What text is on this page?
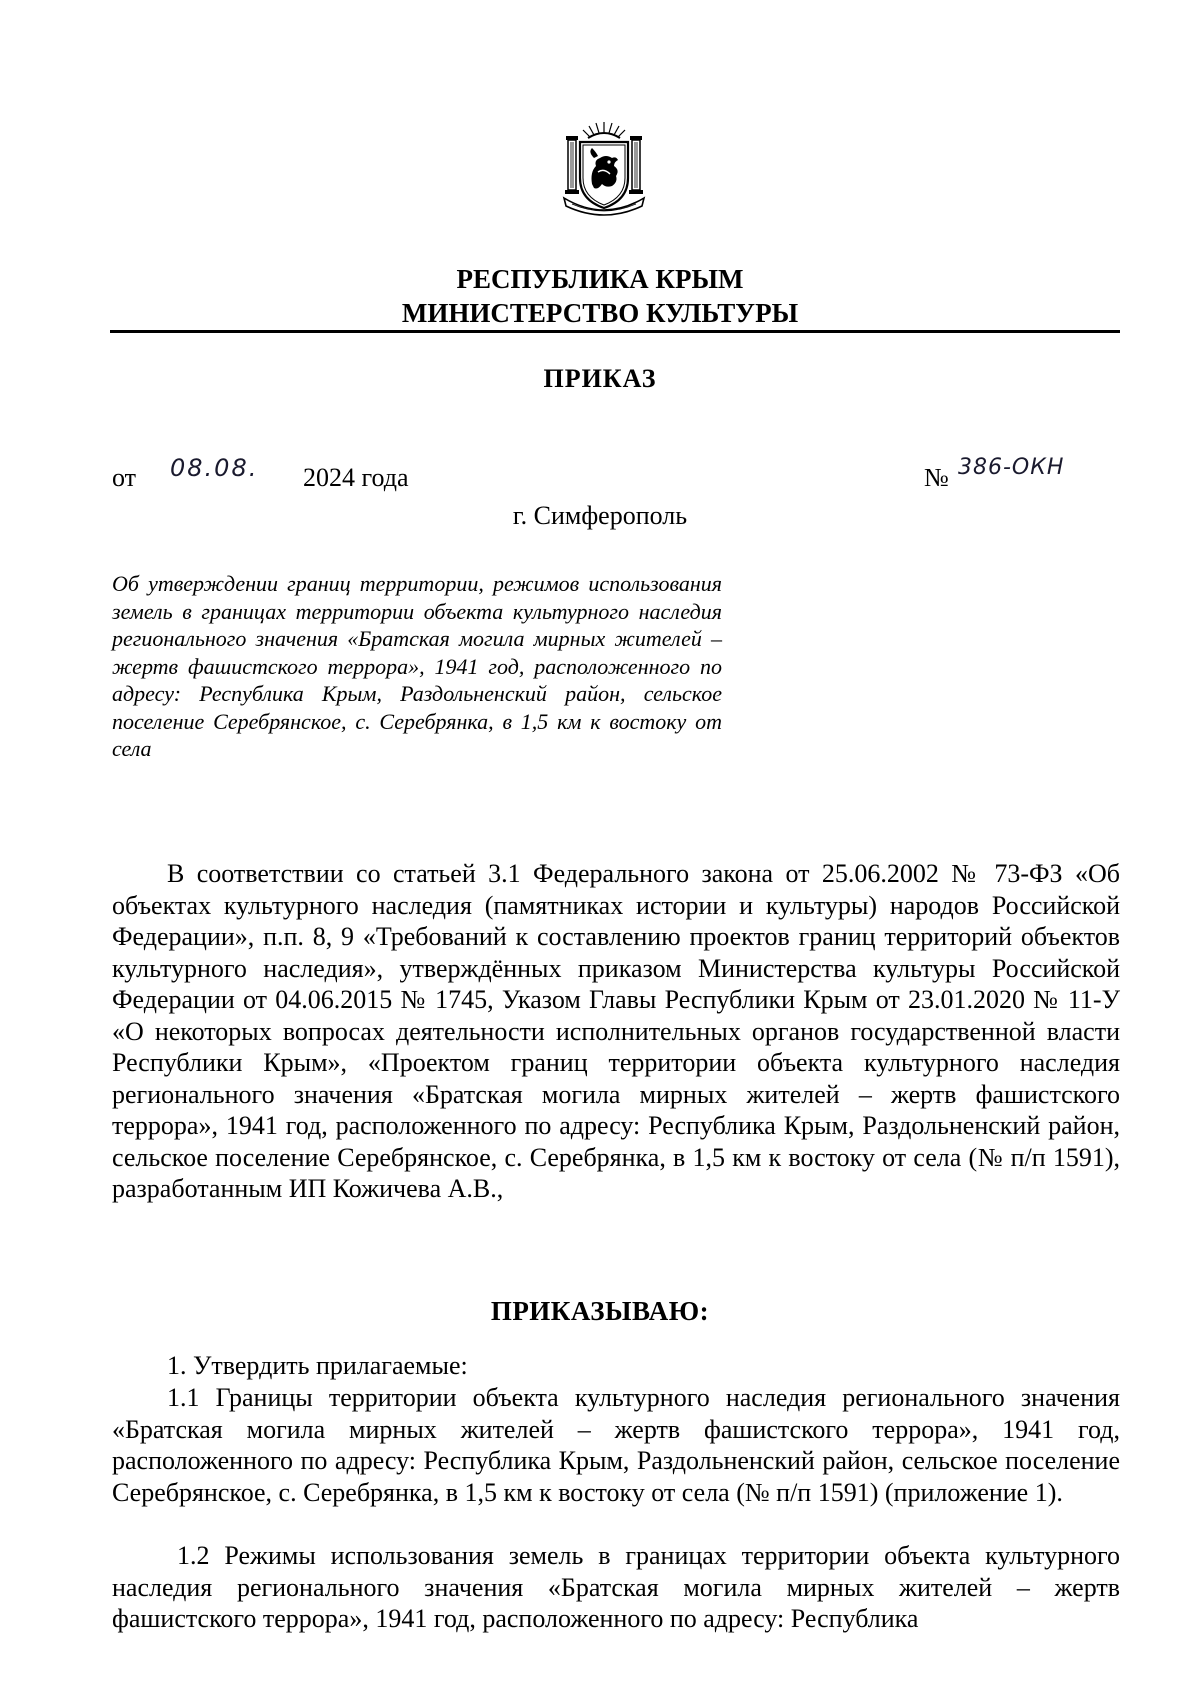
РЕСПУБЛИКА КРЫМ
МИНИСТЕРСТВО КУЛЬТУРЫ
ПРИКАЗ
от 08.08. 2024 года	№ 386-ОКН
г. Симферополь
Об утверждении границ территории, режимов использования земель в границах территории объекта культурного наследия регионального значения «Братская могила мирных жителей – жертв фашистского террора», 1941 год, расположенного по адресу: Республика Крым, Раздольненский район, сельское поселение Серебрянское, с. Серебрянка, в 1,5 км к востоку от села

В соответствии со статьей 3.1 Федерального закона от 25.06.2002 № 73-ФЗ «Об объектах культурного наследия (памятниках истории и культуры) народов Российской Федерации», п.п. 8, 9 «Требований к составлению проектов границ территорий объектов культурного наследия», утверждённых приказом Министерства культуры Российской Федерации от 04.06.2015 № 1745, Указом Главы Республики Крым от 23.01.2020 № 11-У «О некоторых вопросах деятельности исполнительных органов государственной власти Республики Крым», «Проектом границ территории объекта культурного наследия регионального значения «Братская могила мирных жителей – жертв фашистского террора», 1941 год, расположенного по адресу: Республика Крым, Раздольненский район, сельское поселение Серебрянское, с. Серебрянка, в 1,5 км к востоку от села (№ п/п 1591), разработанным ИП Кожичева А.В.,

ПРИКАЗЫВАЮ:

1. Утвердить прилагаемые:

1.1 Границы территории объекта культурного наследия регионального значения «Братская могила мирных жителей – жертв фашистского террора», 1941 год, расположенного по адресу: Республика Крым, Раздольненский район, сельское поселение Серебрянское, с. Серебрянка, в 1,5 км к востоку от села (№ п/п 1591) (приложение 1).

1.2 Режимы использования земель в границах территории объекта культурного наследия регионального значения «Братская могила мирных жителей – жертв фашистского террора», 1941 год, расположенного по адресу: Республика
